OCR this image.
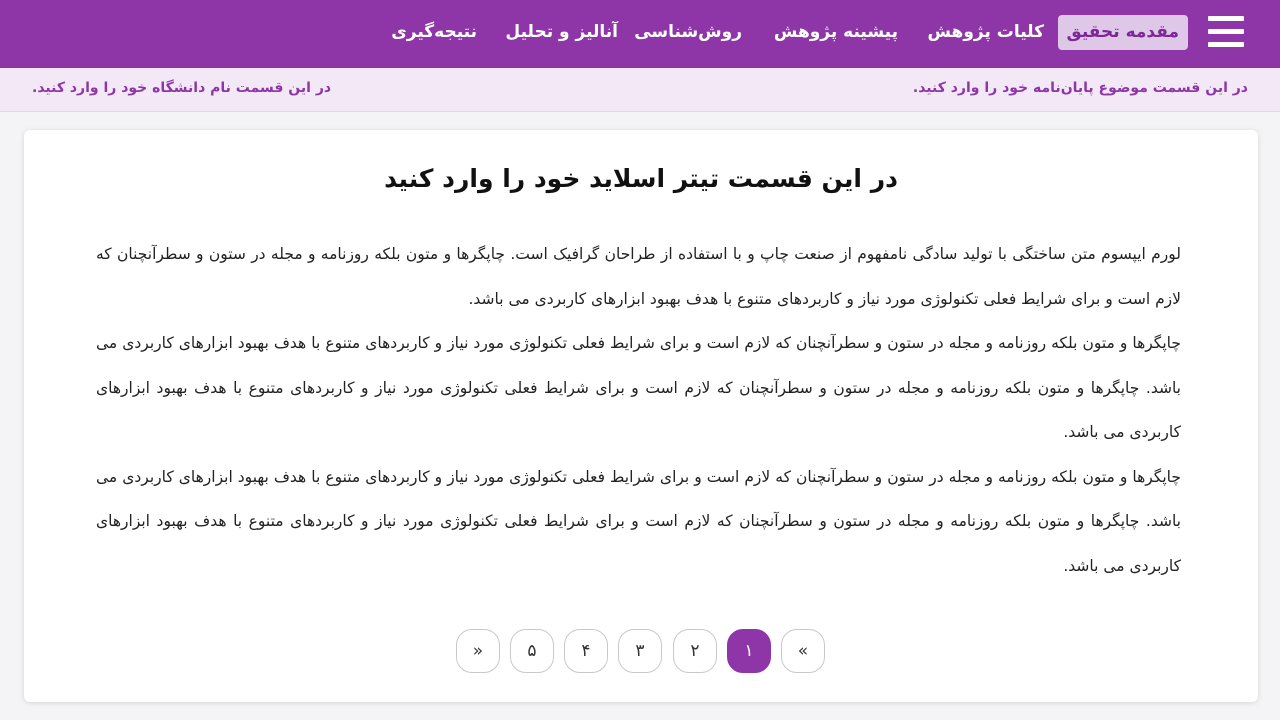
مقدمه تحقیق
کلیات پژوهش
پیشینه پژوهش
روش‌شناسی
آنالیز و تحلیل
نتیجه‌گیری
در این قسمت موضوع پایان‌نامه خود را وارد کنید.
در این قسمت نام دانشگاه خود را وارد کنید.
در این قسمت تیتر اسلاید خود را وارد کنید

لورم ایپسوم متن ساختگی با تولید سادگی نامفهوم از صنعت چاپ و با استفاده از طراحان گرافیک است. چاپگرها و متون بلکه روزنامه و مجله در ستون و سطرآنچنان که لازم است و برای شرایط فعلی تکنولوژی مورد نیاز و کاربردهای متنوع با هدف بهبود ابزارهای کاربردی می باشد.

چاپگرها و متون بلکه روزنامه و مجله در ستون و سطرآنچنان که لازم است و برای شرایط فعلی تکنولوژی مورد نیاز و کاربردهای متنوع با هدف بهبود ابزارهای کاربردی می باشد. چاپگرها و متون بلکه روزنامه و مجله در ستون و سطرآنچنان که لازم است و برای شرایط فعلی تکنولوژی مورد نیاز و کاربردهای متنوع با هدف بهبود ابزارهای کاربردی می باشد.

چاپگرها و متون بلکه روزنامه و مجله در ستون و سطرآنچنان که لازم است و برای شرایط فعلی تکنولوژی مورد نیاز و کاربردهای متنوع با هدف بهبود ابزارهای کاربردی می باشد. چاپگرها و متون بلکه روزنامه و مجله در ستون و سطرآنچنان که لازم است و برای شرایط فعلی تکنولوژی مورد نیاز و کاربردهای متنوع با هدف بهبود ابزارهای کاربردی می باشد.

»	۵	۴	۳	۲	۱	«
